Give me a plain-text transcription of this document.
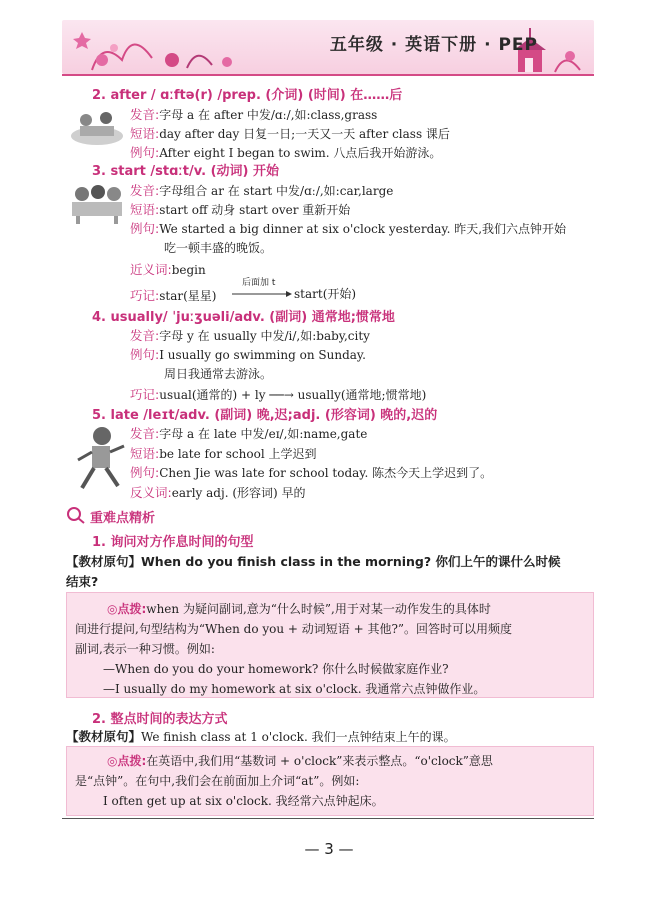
五年级 · 英语下册 · PEP
2. after / ɑːftə(r) /prep. (介词) (时间) 在……后
发音:字母 a 在 after 中发/ɑː/,如:class,grass
短语:day after day 日复一日;一天又一天 after class 课后
例句:After eight I began to swim. 八点后我开始游泳。
3. start /stɑːt/v. (动词) 开始
发音:字母组合 ar 在 start 中发/ɑː/,如:car,large
短语:start off 动身 start over 重新开始
例句:We started a big dinner at six o'clock yesterday. 昨天,我们六点钟开始
吃一顿丰盛的晚饭。
近义词:begin
巧记:star(星星)
后面加 t
start(开始)
4. usually/ ˈjuːʒuəli/adv. (副词) 通常地;惯常地
发音:字母 y 在 usually 中发/i/,如:baby,city
例句:I usually go swimming on Sunday.
周日我通常去游泳。
巧记:usual(通常的) + ly ──→ usually(通常地;惯常地)
5. late /leɪt/adv. (副词) 晚,迟;adj. (形容词) 晚的,迟的
发音:字母 a 在 late 中发/eɪ/,如:name,gate
短语:be late for school 上学迟到
例句:Chen Jie was late for school today. 陈杰今天上学迟到了。
反义词:early adj. (形容词) 早的
重难点精析
1. 询问对方作息时间的句型
【教材原句】When do you finish class in the morning? 你们上午的课什么时候
结束?

◎点拨:when 为疑问副词,意为“什么时候”,用于对某一动作发生的具体时

间进行提问,句型结构为“When do you + 动词短语 + 其他?”。回答时可以用频度

副词,表示一种习惯。例如:

—When do you do your homework? 你什么时候做家庭作业?

—I usually do my homework at six o'clock. 我通常六点钟做作业。

2. 整点时间的表达方式
【教材原句】We finish class at 1 o'clock. 我们一点钟结束上午的课。

◎点拨:在英语中,我们用“基数词 + o'clock”来表示整点。“o'clock”意思

是“点钟”。在句中,我们会在前面加上介词“at”。例如:

I often get up at six o'clock. 我经常六点钟起床。

— 3 —
